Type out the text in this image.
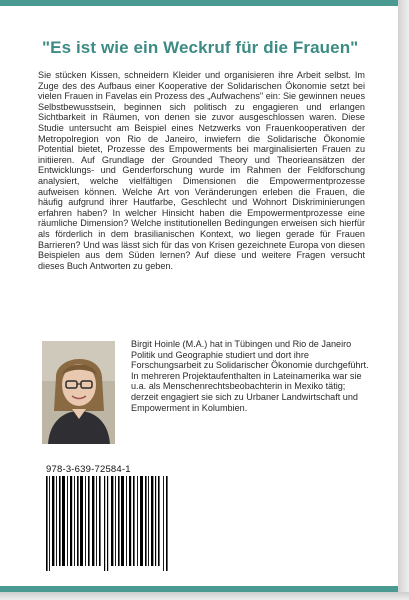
"Es ist wie ein Weckruf für die Frauen"

Sie stücken Kissen, schneidern Kleider und organisieren ihre Arbeit selbst. Im Zuge des des Aufbaus einer Kooperative der Solidarischen Ökonomie setzt bei vielen Frauen in Favelas ein Prozess des „Aufwachens" ein: Sie gewinnen neues Selbstbewusstsein, beginnen sich politisch zu engagieren und erlangen Sichtbarkeit in Räumen, von denen sie zuvor ausgeschlossen waren. Diese Studie untersucht am Beispiel eines Netzwerks von Frauenkooperativen der Metropolregion von Rio de Janeiro, inwiefern die Solidarische Ökonomie Potential bietet, Prozesse des Empowerments bei marginalisierten Frauen zu initiieren. Auf Grundlage der Grounded Theory und Theorieansätzen der Entwicklungs- und Genderforschung wurde im Rahmen der Feldforschung analysiert, welche vielfältigen Dimensionen die Empowermentprozesse aufweisen können. Welche Art von Veränderungen erleben die Frauen, die häufig aufgrund ihrer Hautfarbe, Geschlecht und Wohnort Diskriminierungen erfahren haben? In welcher Hinsicht haben die Empowermentprozesse eine räumliche Dimension? Welche institutionellen Bedingungen erweisen sich hierfür als förderlich in dem brasilianischen Kontext, wo liegen gerade für Frauen Barrieren? Und was lässt sich für das von Krisen gezeichnete Europa von diesen Beispielen aus dem Süden lernen? Auf diese und weitere Fragen versucht dieses Buch Antworten zu geben.

Birgit Hoinle (M.A.) hat in Tübingen und Rio de Janeiro Politik und Geographie studiert und dort ihre Forschungsarbeit zu Solidarischer Ökonomie durchgeführt. In mehreren Projektaufenthalten in Lateinamerika war sie u.a. als Menschenrechtsbeobachterin in Mexiko tätig; derzeit engagiert sie sich zu Urbaner Landwirtschaft und Empowerment in Kolumbien.

978-3-639-72584-1
